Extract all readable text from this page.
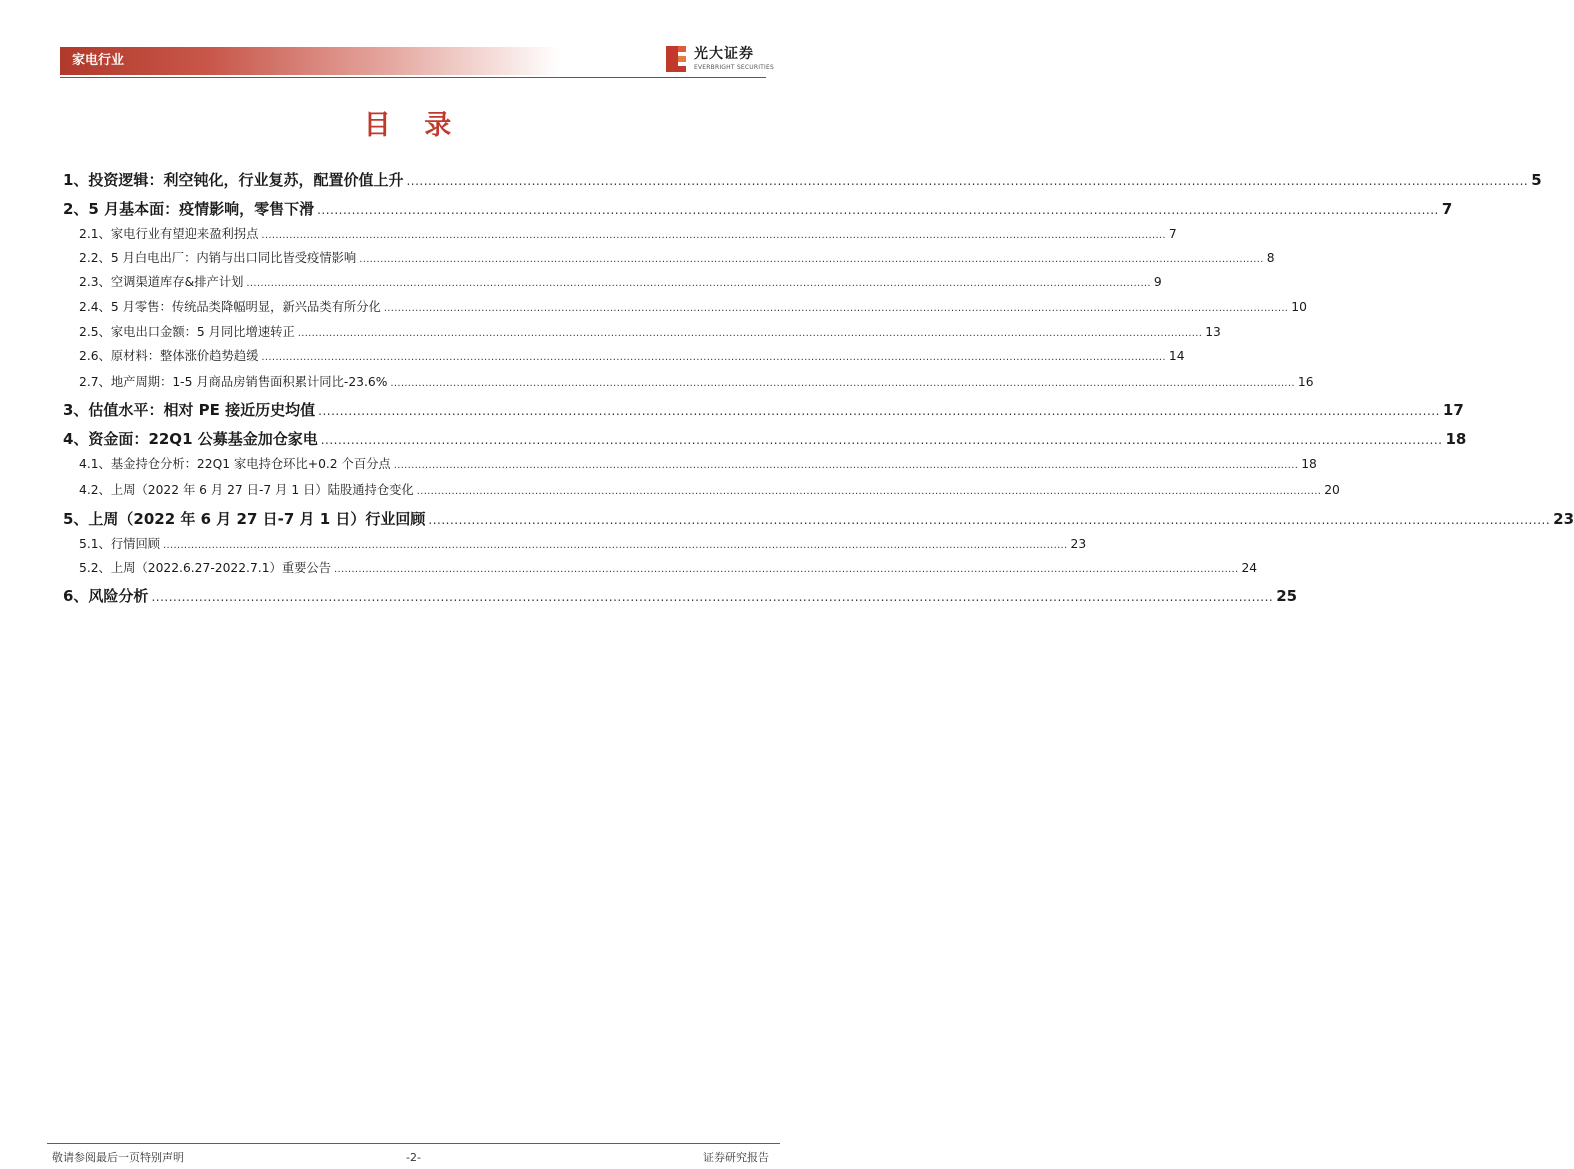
家电行业	光大证券
EVERBRIGHT SECURITIES
目 录
1、投资逻辑：利空钝化，行业复苏，配置价值上升 .................................................................................................................................................................................................................................................................... 5
2、5 月基本面：疫情影响，零售下滑 .................................................................................................................................................................................................................................................................... 7
2.1、家电行业有望迎来盈利拐点 .................................................................................................................................................................................................................................................................... 7
2.2、5 月白电出厂：内销与出口同比皆受疫情影响 .................................................................................................................................................................................................................................................................... 8
2.3、空调渠道库存&排产计划 .................................................................................................................................................................................................................................................................... 9
2.4、5 月零售：传统品类降幅明显，新兴品类有所分化 .................................................................................................................................................................................................................................................................... 10
2.5、家电出口金额：5 月同比增速转正 .................................................................................................................................................................................................................................................................... 13
2.6、原材料：整体涨价趋势趋缓 .................................................................................................................................................................................................................................................................... 14
2.7、地产周期：1-5 月商品房销售面积累计同比-23.6% .................................................................................................................................................................................................................................................................... 16
3、估值水平：相对 PE 接近历史均值 .................................................................................................................................................................................................................................................................... 17
4、资金面：22Q1 公募基金加仓家电 .................................................................................................................................................................................................................................................................... 18
4.1、基金持仓分析：22Q1 家电持仓环比+0.2 个百分点 .................................................................................................................................................................................................................................................................... 18
4.2、上周（2022 年 6 月 27 日-7 月 1 日）陆股通持仓变化 .................................................................................................................................................................................................................................................................... 20
5、上周（2022 年 6 月 27 日-7 月 1 日）行业回顾 .................................................................................................................................................................................................................................................................... 23
5.1、行情回顾 .................................................................................................................................................................................................................................................................... 23
5.2、上周（2022.6.27-2022.7.1）重要公告 .................................................................................................................................................................................................................................................................... 24
6、风险分析 .................................................................................................................................................................................................................................................................... 25
敬请参阅最后一页特别声明	-2-	证券研究报告
